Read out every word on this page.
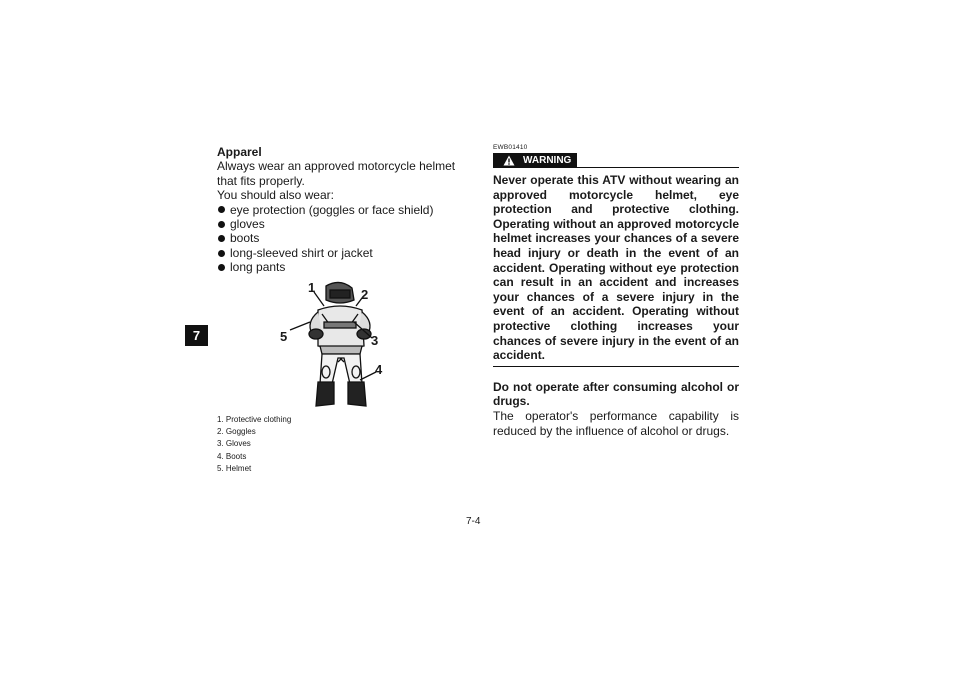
7
Apparel

Always wear an approved motorcycle helmet that fits properly.

You should also wear:

eye protection (goggles or face shield)
gloves
boots
long-sleeved shirt or jacket
long pants
1	2
3
4
5
1. Protective clothing
2. Goggles
3. Gloves
4. Boots
5. Helmet
EWB01410
WARNING
Never operate this ATV without wearing an approved motorcycle helmet, eye protection and protective clothing. Operating without an approved motorcycle helmet increases your chances of a severe head injury or death in the event of an accident. Operating without eye protection can result in an accident and increases your chances of a severe injury in the event of an accident. Operating without protective clothing increases your chances of severe injury in the event of an accident.
Do not operate after consuming alcohol or drugs.
The operator's performance capability is reduced by the influence of alcohol or drugs.
7-4
